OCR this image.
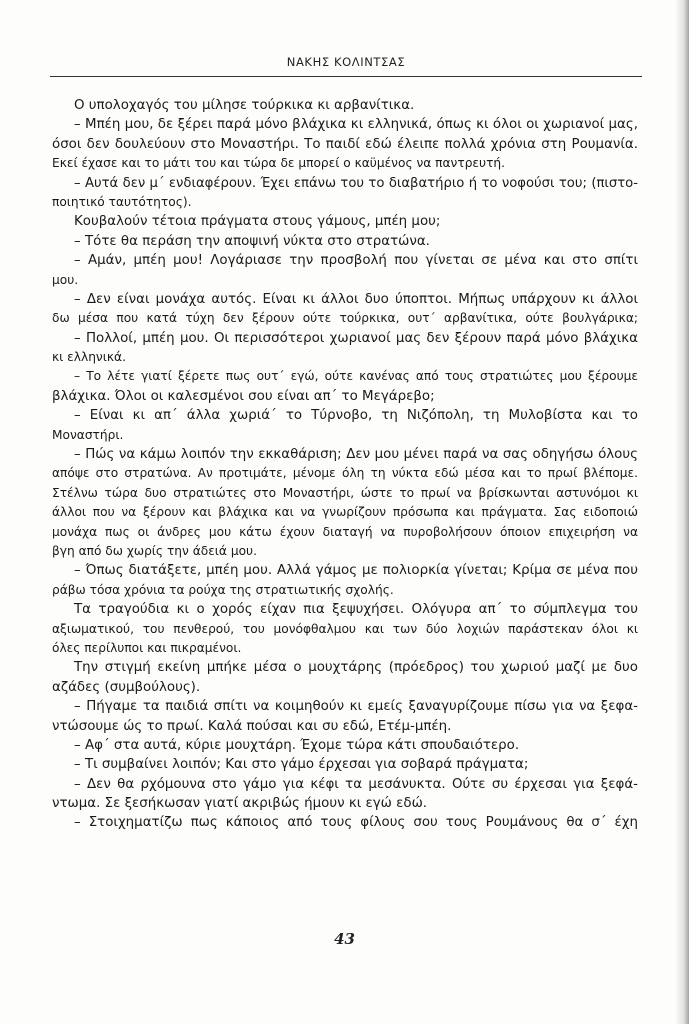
ΝΑΚΗΣ ΚΟΛΙΝΤΣΑΣ
Ο υπολοχαγός του μίλησε τούρκικα κι αρβανίτικα.
– Μπέη μου, δε ξέρει παρά μόνο βλάχικα κι ελληνικά, όπως κι όλοι οι χωριανοί μας,
όσοι δεν δουλεύουν στο Μοναστήρι. Το παιδί εδώ έλειπε πολλά χρόνια στη Ρουμανία.
Εκεί έχασε και το μάτι του και τώρα δε μπορεί ο καϋμένος να παντρευτή.
– Αυτά δεν μ΄ ενδιαφέρουν. Έχει επάνω του το διαβατήριο ή το νοφούσι του; (πιστο-
ποιητικό ταυτότητος).
Κουβαλούν τέτοια πράγματα στους γάμους, μπέη μου;
– Τότε θα περάση την αποψινή νύκτα στο στρατώνα.
– Αμάν, μπέη μου! Λογάριασε την προσβολή που γίνεται σε μένα και στο σπίτι
μου.
– Δεν είναι μονάχα αυτός. Είναι κι άλλοι δυο ύποπτοι. Μήπως υπάρχουν κι άλλοι
δω μέσα που κατά τύχη δεν ξέρουν ούτε τούρκικα, ουτ΄ αρβανίτικα, ούτε βουλγάρικα;
– Πολλοί, μπέη μου. Οι περισσότεροι χωριανοί μας δεν ξέρουν παρά μόνο βλάχικα
κι ελληνικά.
– Το λέτε γιατί ξέρετε πως ουτ΄ εγώ, ούτε κανένας από τους στρατιώτες μου ξέρουμε
βλάχικα. Όλοι οι καλεσμένοι σου είναι απ΄ το Μεγάρεβο;
– Είναι κι απ΄ άλλα χωριά΄ το Τύρνοβο, τη Νιζόπολη, τη Μυλοβίστα και το
Μοναστήρι.
– Πώς να κάμω λοιπόν την εκκαθάριση; Δεν μου μένει παρά να σας οδηγήσω όλους
απόψε στο στρατώνα. Αν προτιμάτε, μένομε όλη τη νύκτα εδώ μέσα και το πρωί βλέπομε.
Στέλνω τώρα δυο στρατιώτες στο Μοναστήρι, ώστε το πρωί να βρίσκωνται αστυνόμοι κι
άλλοι που να ξέρουν και βλάχικα και να γνωρίζουν πρόσωπα και πράγματα. Σας ειδοποιώ
μονάχα πως οι άνδρες μου κάτω έχουν διαταγή να πυροβολήσουν όποιον επιχειρήση να
βγη από δω χωρίς την άδειά μου.
– Όπως διατάξετε, μπέη μου. Αλλά γάμος με πολιορκία γίνεται; Κρίμα σε μένα που
ράβω τόσα χρόνια τα ρούχα της στρατιωτικής σχολής.
Τα τραγούδια κι ο χορός είχαν πια ξεψυχήσει. Ολόγυρα απ΄ το σύμπλεγμα του
αξιωματικού, του πενθερού, του μονόφθαλμου και των δύο λοχιών παράστεκαν όλοι κι
όλες περίλυποι και πικραμένοι.
Την στιγμή εκείνη μπήκε μέσα ο μουχτάρης (πρόεδρος) του χωριού μαζί με δυο
αζάδες (συμβούλους).
– Πήγαμε τα παιδιά σπίτι να κοιμηθούν κι εμείς ξαναγυρίζουμε πίσω για να ξεφα-
ντώσουμε ώς το πρωί. Καλά πούσαι και συ εδώ, Ετέμ-μπέη.
– Αφ΄ στα αυτά, κύριε μουχτάρη. Έχομε τώρα κάτι σπουδαιότερο.
– Τι συμβαίνει λοιπόν; Και στο γάμο έρχεσαι για σοβαρά πράγματα;
– Δεν θα ρχόμουνα στο γάμο για κέφι τα μεσάνυκτα. Ούτε συ έρχεσαι για ξεφά-
ντωμα. Σε ξεσήκωσαν γιατί ακριβώς ήμουν κι εγώ εδώ.
– Στοιχηματίζω πως κάποιος από τους φίλους σου τους Ρουμάνους θα σ΄ έχη
43
